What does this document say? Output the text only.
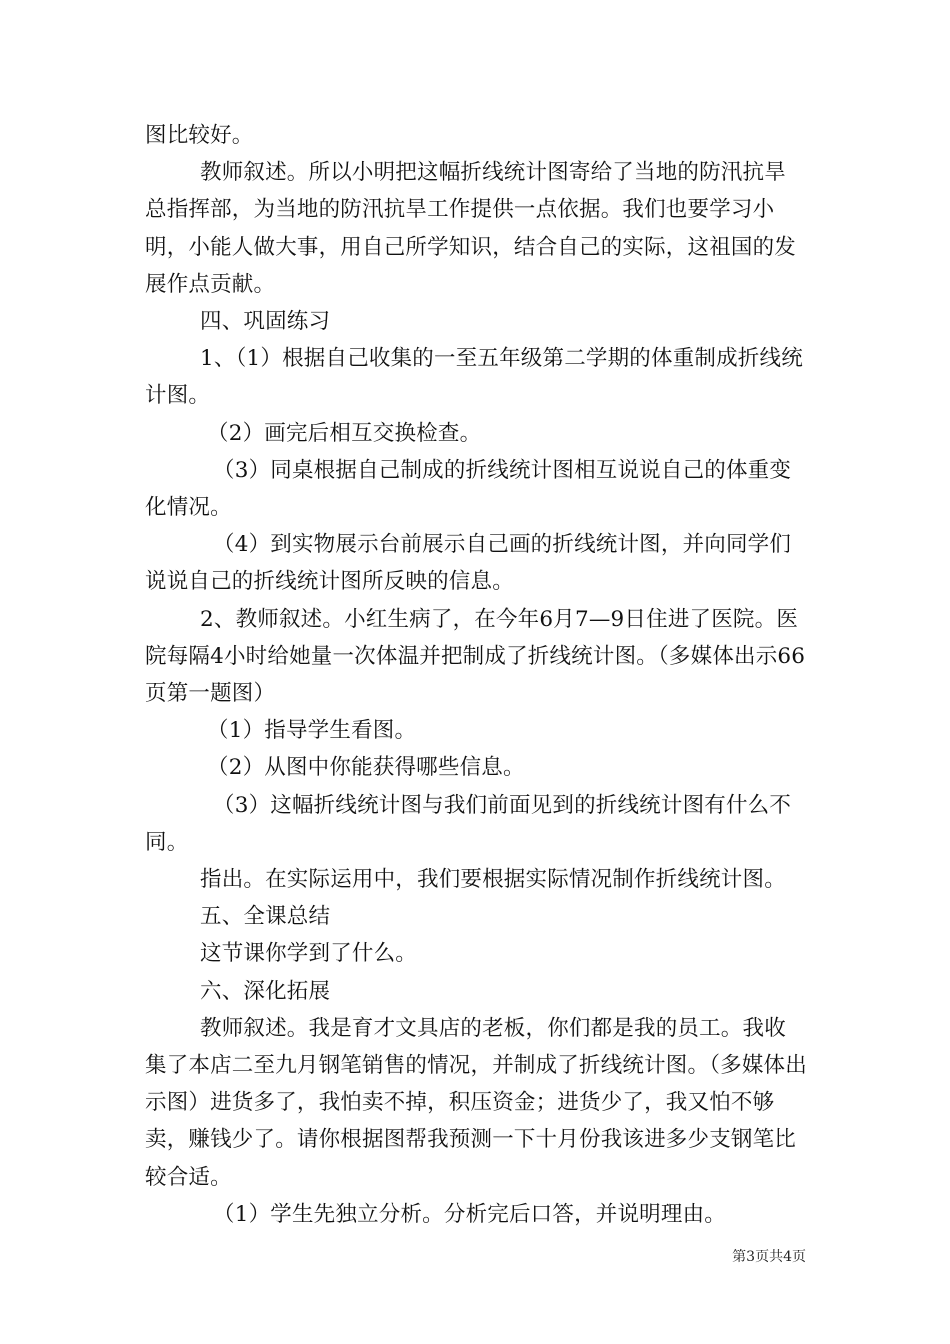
图比较好。

教师叙述。所以小明把这幅折线统计图寄给了当地的防汛抗旱总指挥部，为当地的防汛抗旱工作提供一点依据。我们也要学习小明，小能人做大事，用自己所学知识，结合自己的实际，这祖国的发展作点贡献。

四、巩固练习

1、（1）根据自己收集的一至五年级第二学期的体重制成折线统计图。

（2）画完后相互交换检查。

（3）同桌根据自己制成的折线统计图相互说说自己的体重变化情况。

（4）到实物展示台前展示自己画的折线统计图，并向同学们说说自己的折线统计图所反映的信息。

2、教师叙述。小红生病了，在今年6月7—9日住进了医院。医院每隔4小时给她量一次体温并把制成了折线统计图。（多媒体出示66页第一题图）

（1）指导学生看图。

（2）从图中你能获得哪些信息。

（3）这幅折线统计图与我们前面见到的折线统计图有什么不同。

指出。在实际运用中，我们要根据实际情况制作折线统计图。

五、全课总结

这节课你学到了什么。

六、深化拓展

教师叙述。我是育才文具店的老板，你们都是我的员工。我收集了本店二至九月钢笔销售的情况，并制成了折线统计图。（多媒体出示图）进货多了，我怕卖不掉，积压资金；进货少了，我又怕不够卖，赚钱少了。请你根据图帮我预测一下十月份我该进多少支钢笔比较合适。

（1）学生先独立分析。分析完后口答，并说明理由。

第3页共4页
